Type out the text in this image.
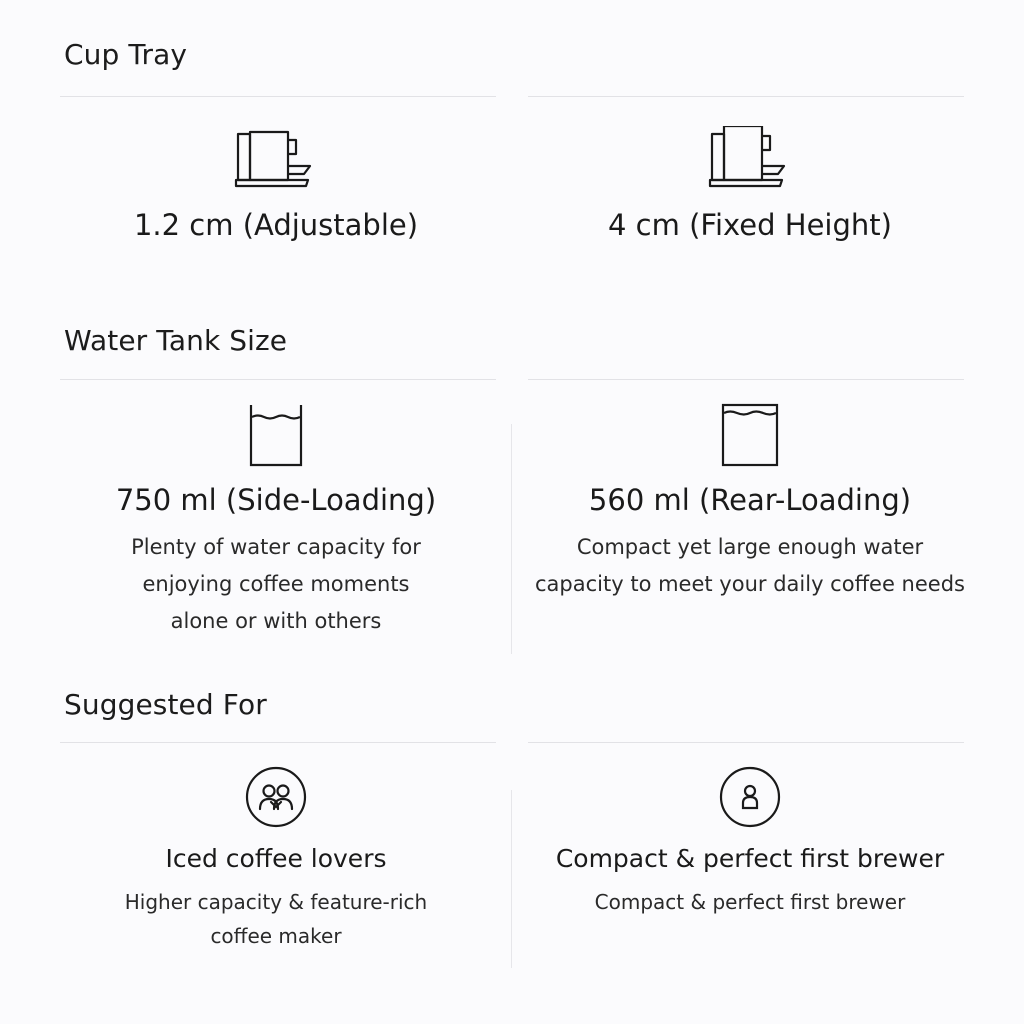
Cup Tray
1.2 cm (Adjustable)	4 cm (Fixed Height)
Water Tank Size
750 ml (Side-Loading)
Plenty of water capacity for
enjoying coffee moments
alone or with others
560 ml (Rear-Loading)
Compact yet large enough water
capacity to meet your daily coffee needs
Suggested For
Iced coffee lovers
Higher capacity & feature-rich
coffee maker
Compact & perfect first brewer
Compact & perfect first brewer
